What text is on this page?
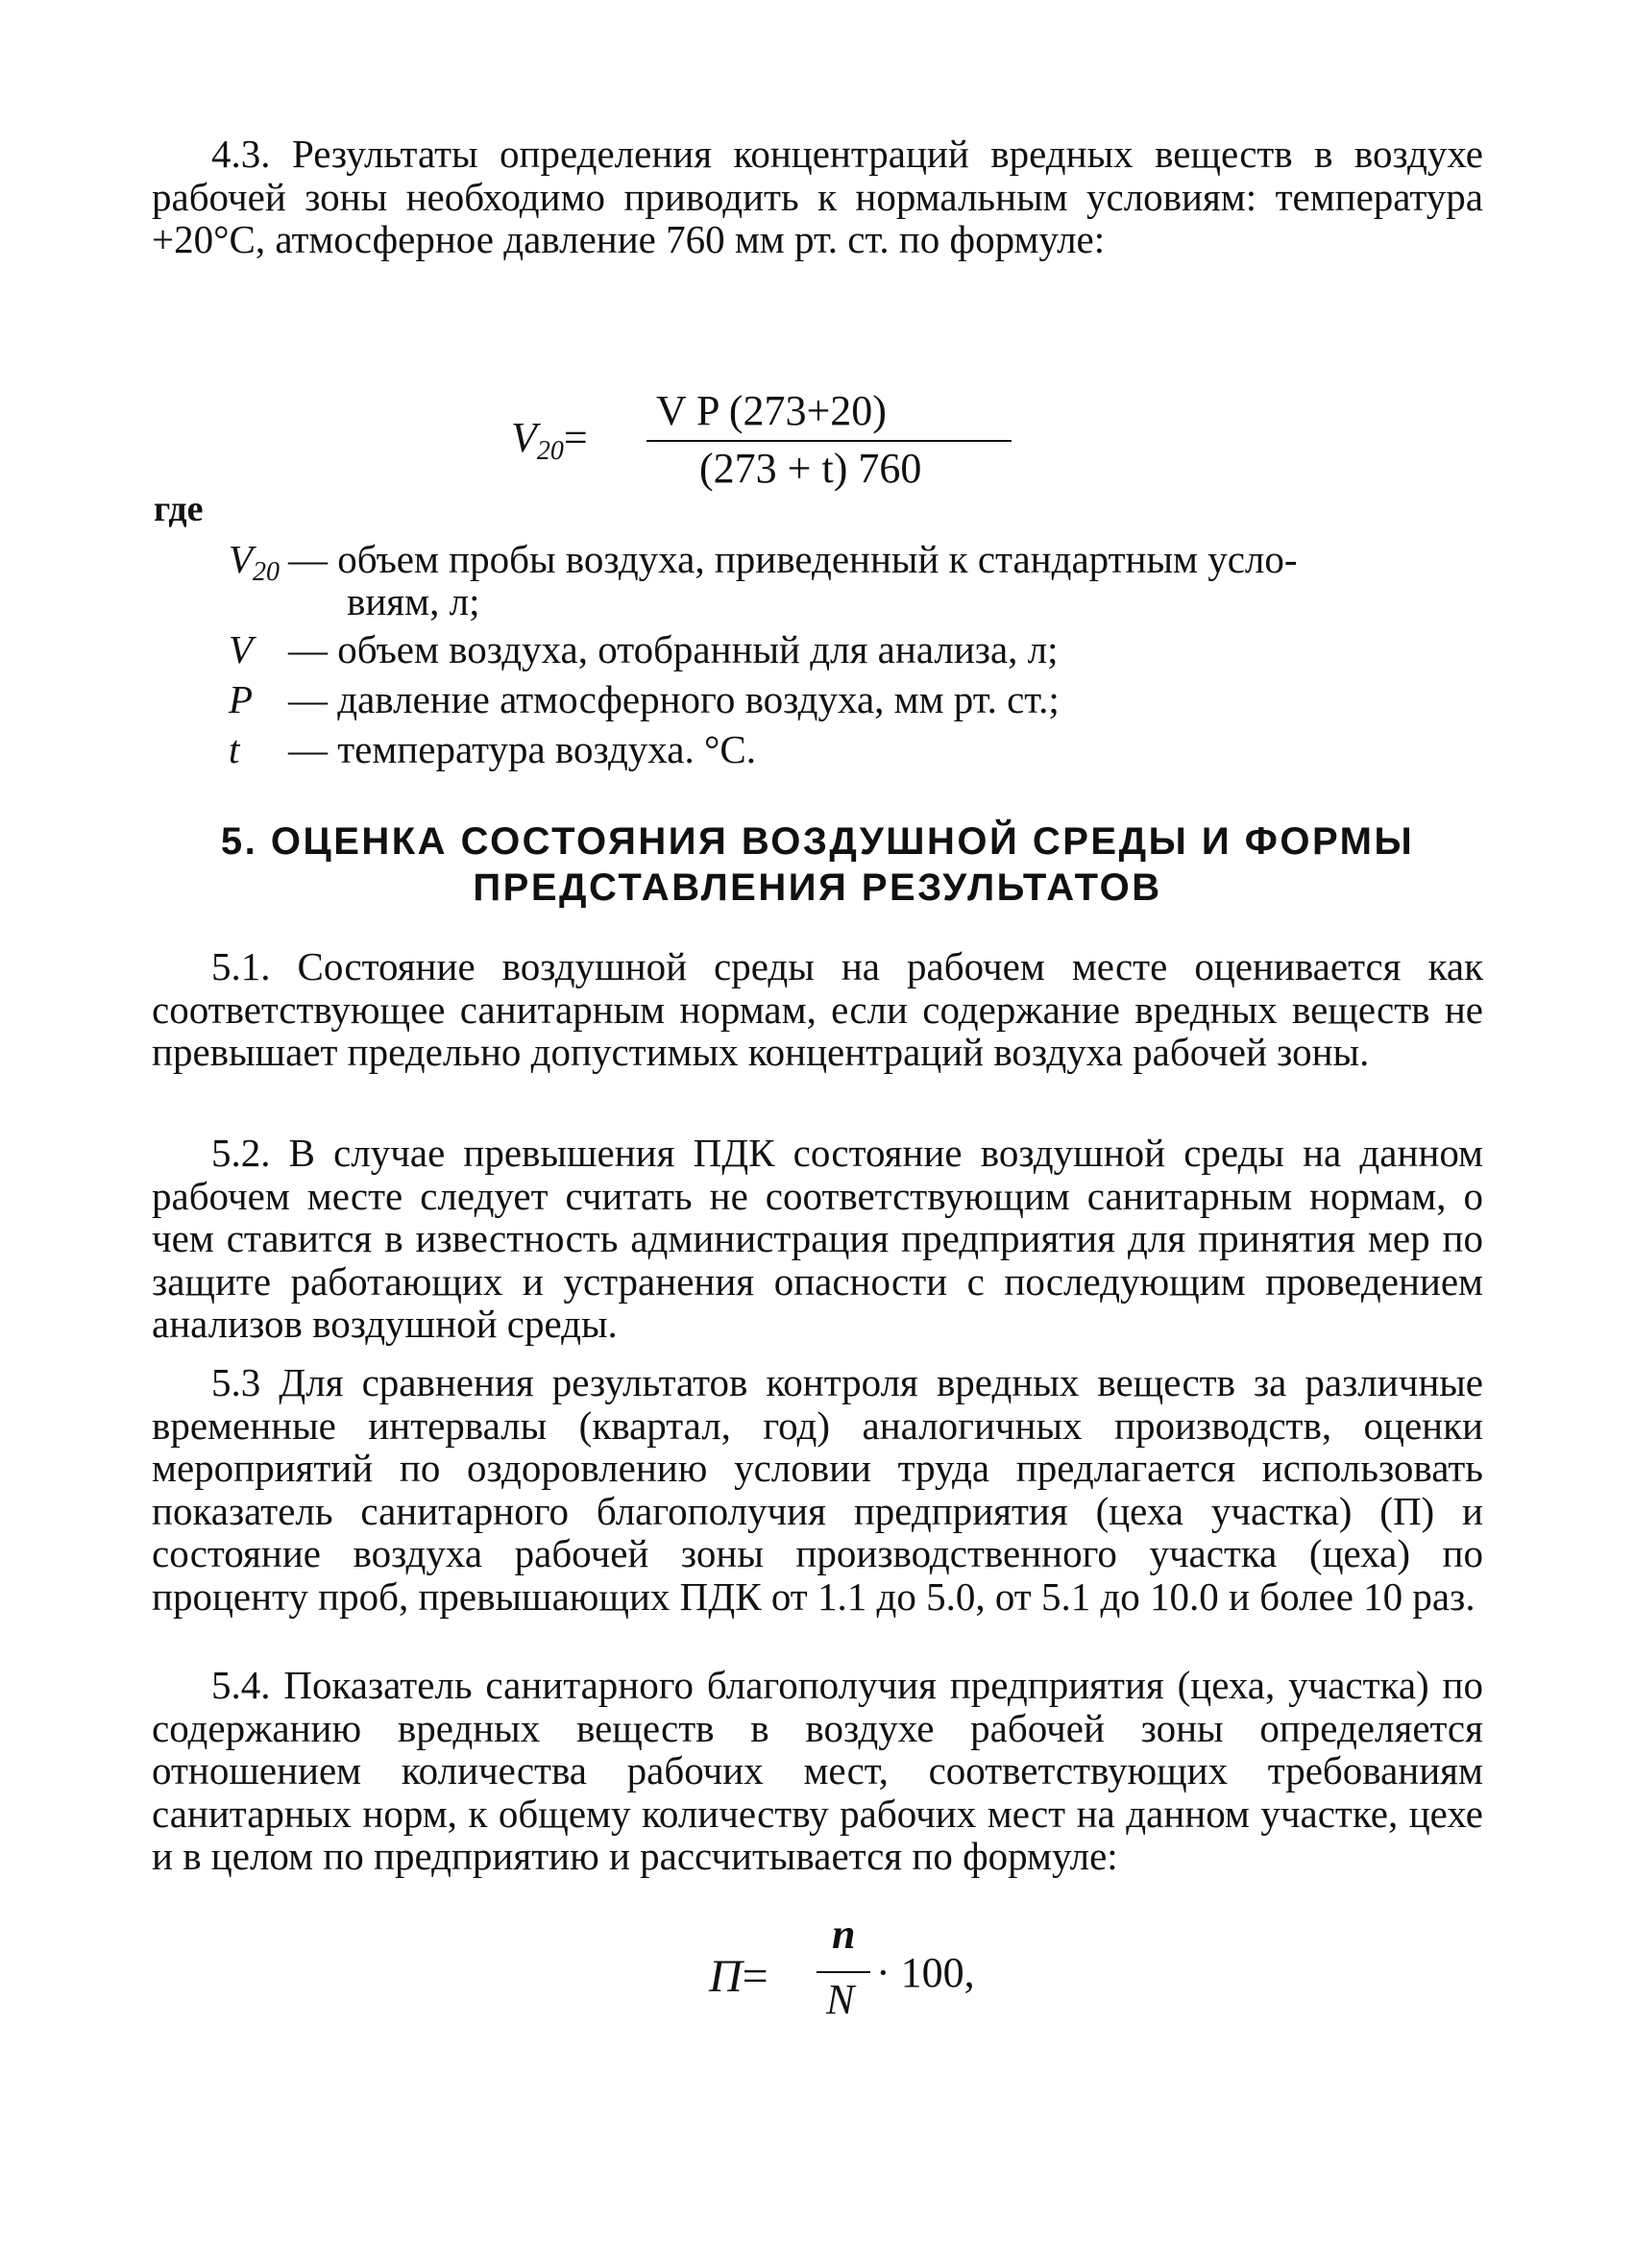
4.3. Результаты определения концентраций вредных веществ в воздухе рабочей зоны необходимо приводить к нормальным условиям: температура +20°С, атмосферное давление 760 мм рт. ст. по формуле:

$V_{20}=$
V P (273+20)
(273 + t) 760
где
$V_{20}$ — объем пробы воздуха, приведенный к стандартным усло-
виям, л;
V — объем воздуха, отобранный для анализа, л;
P — давление атмосферного воздуха, мм рт. ст.;
t — температура воздуха. °С.
5. ОЦЕНКА СОСТОЯНИЯ ВОЗДУШНОЙ СРЕДЫ И ФОРМЫ
ПРЕДСТАВЛЕНИЯ РЕЗУЛЬТАТОВ

5.1. Состояние воздушной среды на рабочем месте оценивается как соответствующее санитарным нормам, если содержание вредных веществ не превышает предельно допустимых концентраций воздуха рабочей зоны.

5.2. В случае превышения ПДК состояние воздушной среды на данном рабочем месте следует считать не соответствующим санитарным нормам, о чем ставится в известность администрация предприятия для принятия мер по защите работающих и устранения опасности с последующим проведением анализов воздушной среды.

5.3 Для сравнения результатов контроля вредных веществ за различные временные интервалы (квартал, год) аналогичных производств, оценки мероприятий по оздоровлению условии труда предлагается использовать показатель санитарного благополучия предприятия (цеха участка) (П) и состояние воздуха рабочей зоны производственного участка (цеха) по проценту проб, превышающих ПДК от 1.1 до 5.0, от 5.1 до 10.0 и более 10 раз.

5.4. Показатель санитарного благополучия предприятия (цеха, участка) по содержанию вредных веществ в воздухе рабочей зоны определяется отношением количества рабочих мест, соответствующих требованиям санитарных норм, к общему количеству рабочих мест на данном участке, цехе и в целом по предприятию и рассчитывается по формуле:

П=
n
N
· 100,
